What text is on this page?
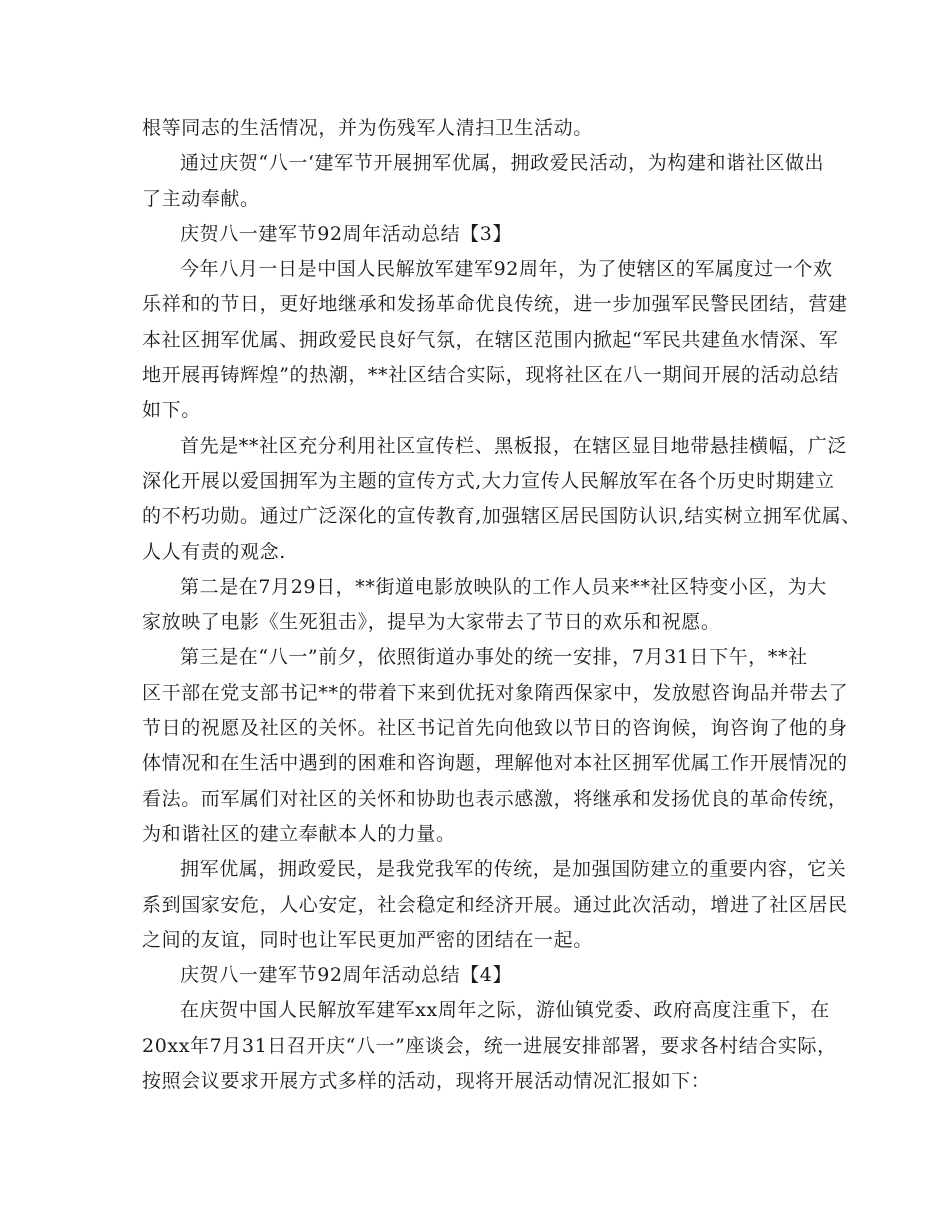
根等同志的生活情况，并为伤残军人清扫卫生活动。
通过庆贺“八一‘建军节开展拥军优属，拥政爱民活动，为构建和谐社区做出
了主动奉献。
庆贺八一建军节92周年活动总结【3】
今年八月一日是中国人民解放军建军92周年，为了使辖区的军属度过一个欢
乐祥和的节日，更好地继承和发扬革命优良传统，进一步加强军民警民团结，营建
本社区拥军优属、拥政爱民良好气氛，在辖区范围内掀起“军民共建鱼水情深、军
地开展再铸辉煌”的热潮，**社区结合实际，现将社区在八一期间开展的活动总结
如下。
首先是**社区充分利用社区宣传栏、黑板报，在辖区显目地带悬挂横幅，广泛
深化开展以爱国拥军为主题的宣传方式,大力宣传人民解放军在各个历史时期建立
的不朽功勋。通过广泛深化的宣传教育,加强辖区居民国防认识,结实树立拥军优属、
人人有责的观念.
第二是在7月29日，**街道电影放映队的工作人员来**社区特变小区，为大
家放映了电影《生死狙击》，提早为大家带去了节日的欢乐和祝愿。
第三是在“八一”前夕，依照街道办事处的统一安排，7月31日下午，**社
区干部在党支部书记**的带着下来到优抚对象隋西保家中，发放慰咨询品并带去了
节日的祝愿及社区的关怀。社区书记首先向他致以节日的咨询候，询咨询了他的身
体情况和在生活中遇到的困难和咨询题，理解他对本社区拥军优属工作开展情况的
看法。而军属们对社区的关怀和协助也表示感激，将继承和发扬优良的革命传统，
为和谐社区的建立奉献本人的力量。
拥军优属，拥政爱民，是我党我军的传统，是加强国防建立的重要内容，它关
系到国家安危，人心安定，社会稳定和经济开展。通过此次活动，增进了社区居民
之间的友谊，同时也让军民更加严密的团结在一起。
庆贺八一建军节92周年活动总结【4】
在庆贺中国人民解放军建军xx周年之际，游仙镇党委、政府高度注重下，在
20xx年7月31日召开庆“八一”座谈会，统一进展安排部署，要求各村结合实际，
按照会议要求开展方式多样的活动，现将开展活动情况汇报如下：
